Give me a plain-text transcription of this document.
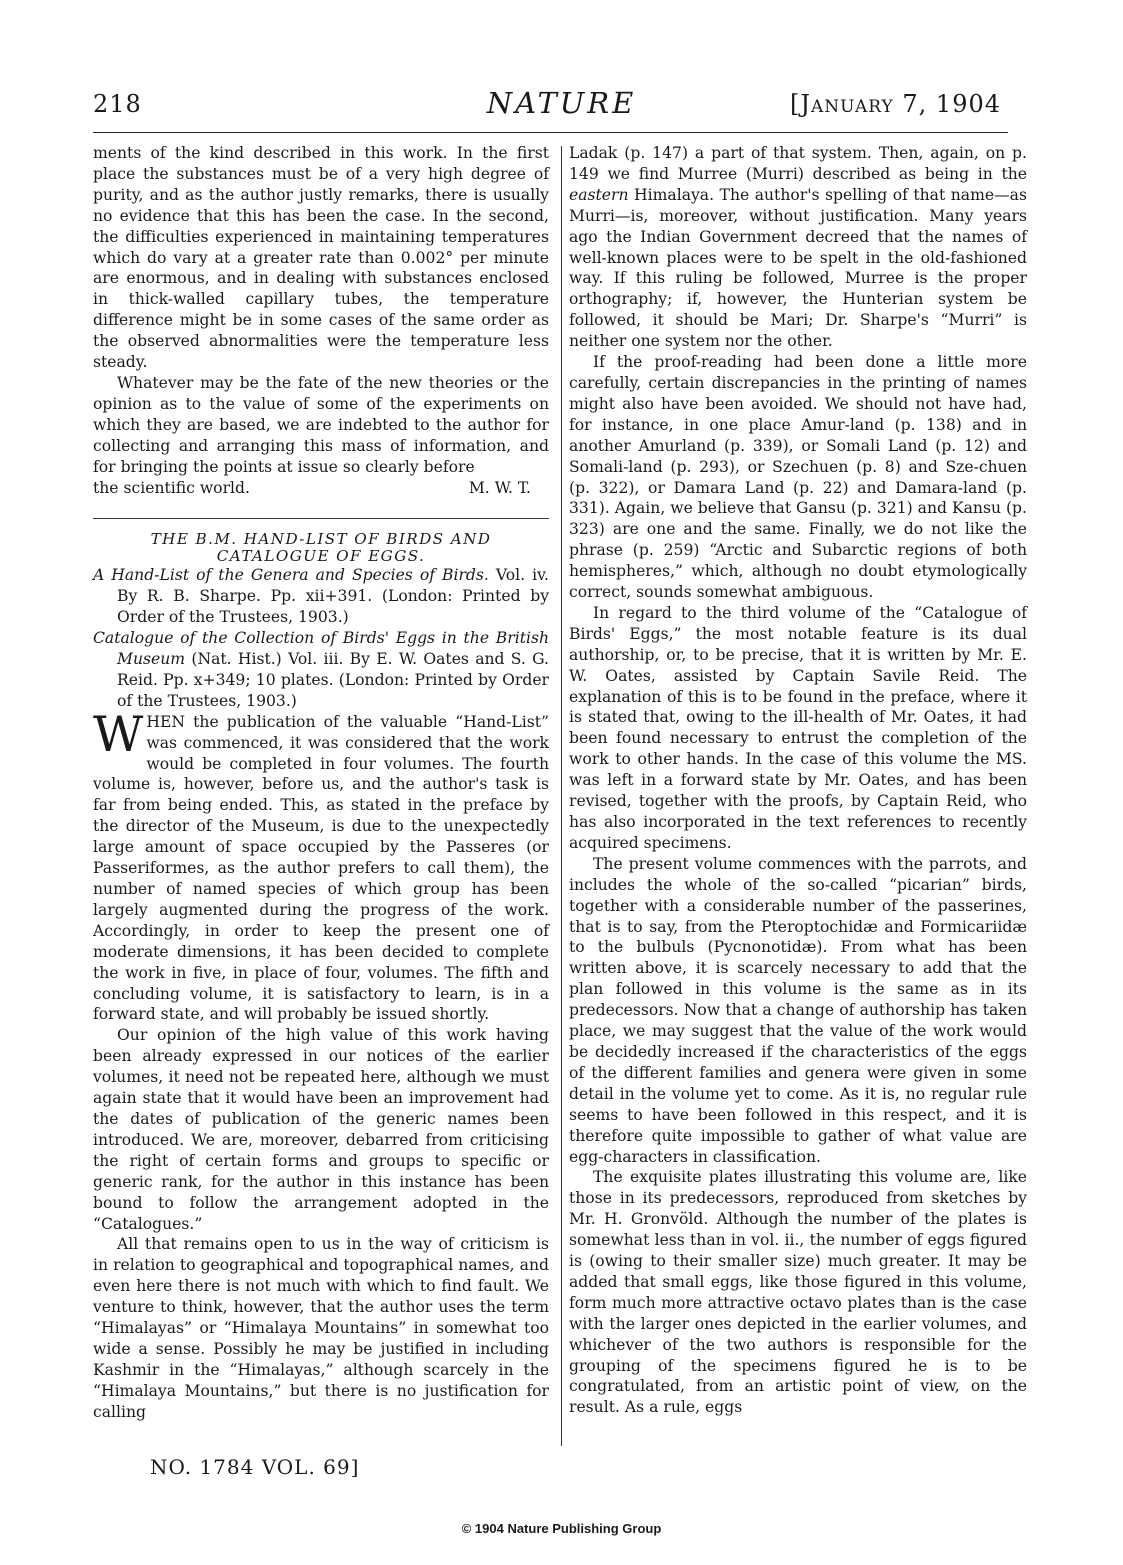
218	NATURE	[January 7, 1904

ments of the kind described in this work. In the first place the substances must be of a very high degree of purity, and as the author justly remarks, there is usually no evidence that this has been the case. In the second, the difficulties experienced in maintaining temperatures which do vary at a greater rate than 0.002° per minute are enormous, and in dealing with substances enclosed in thick-walled capillary tubes, the temperature difference might be in some cases of the same order as the observed abnormalities were the temperature less steady.

Whatever may be the fate of the new theories or the opinion as to the value of some of the experiments on which they are based, we are indebted to the author for collecting and arranging this mass of information, and for bringing the points at issue so clearly before

the scientific world.	M. W. T.

THE B.M. HAND-LIST OF BIRDS AND
CATALOGUE OF EGGS.

A Hand-List of the Genera and Species of Birds. Vol. iv. By R. B. Sharpe. Pp. xii+391. (London: Printed by Order of the Trustees, 1903.)

Catalogue of the Collection of Birds' Eggs in the British Museum (Nat. Hist.) Vol. iii. By E. W. Oates and S. G. Reid. Pp. x+349; 10 plates. (London: Printed by Order of the Trustees, 1903.)

WHEN the publication of the valuable “Hand-List” was commenced, it was considered that the work would be completed in four volumes. The fourth volume is, however, before us, and the author's task is far from being ended. This, as stated in the preface by the director of the Museum, is due to the unexpectedly large amount of space occupied by the Passeres (or Passeriformes, as the author prefers to call them), the number of named species of which group has been largely augmented during the progress of the work. Accordingly, in order to keep the present one of moderate dimensions, it has been decided to complete the work in five, in place of four, volumes. The fifth and concluding volume, it is satisfactory to learn, is in a forward state, and will probably be issued shortly.

Our opinion of the high value of this work having been already expressed in our notices of the earlier volumes, it need not be repeated here, although we must again state that it would have been an improvement had the dates of publication of the generic names been introduced. We are, moreover, debarred from criticising the right of certain forms and groups to specific or generic rank, for the author in this instance has been bound to follow the arrangement adopted in the “Catalogues.”

All that remains open to us in the way of criticism is in relation to geographical and topographical names, and even here there is not much with which to find fault. We venture to think, however, that the author uses the term “Himalayas” or “Himalaya Mountains” in somewhat too wide a sense. Possibly he may be justified in including Kashmir in the “Himalayas,” although scarcely in the “Himalaya Mountains,” but there is no justification for calling

Ladak (p. 147) a part of that system. Then, again, on p. 149 we find Murree (Murri) described as being in the eastern Himalaya. The author's spelling of that name—as Murri—is, moreover, without justification. Many years ago the Indian Government decreed that the names of well-known places were to be spelt in the old-fashioned way. If this ruling be followed, Murree is the proper orthography; if, however, the Hunterian system be followed, it should be Mari; Dr. Sharpe's “Murri” is neither one system nor the other.

If the proof-reading had been done a little more carefully, certain discrepancies in the printing of names might also have been avoided. We should not have had, for instance, in one place Amur-land (p. 138) and in another Amurland (p. 339), or Somali Land (p. 12) and Somali-land (p. 293), or Szechuen (p. 8) and Sze-chuen (p. 322), or Damara Land (p. 22) and Damara-land (p. 331). Again, we believe that Gansu (p. 321) and Kansu (p. 323) are one and the same. Finally, we do not like the phrase (p. 259) “Arctic and Subarctic regions of both hemispheres,” which, although no doubt etymologically correct, sounds somewhat ambiguous.

In regard to the third volume of the “Catalogue of Birds' Eggs,” the most notable feature is its dual authorship, or, to be precise, that it is written by Mr. E. W. Oates, assisted by Captain Savile Reid. The explanation of this is to be found in the preface, where it is stated that, owing to the ill-health of Mr. Oates, it had been found necessary to entrust the completion of the work to other hands. In the case of this volume the MS. was left in a forward state by Mr. Oates, and has been revised, together with the proofs, by Captain Reid, who has also incorporated in the text references to recently acquired specimens.

The present volume commences with the parrots, and includes the whole of the so-called “picarian” birds, together with a considerable number of the passerines, that is to say, from the Pteroptochidæ and Formicariidæ to the bulbuls (Pycnonotidæ). From what has been written above, it is scarcely necessary to add that the plan followed in this volume is the same as in its predecessors. Now that a change of authorship has taken place, we may suggest that the value of the work would be decidedly increased if the characteristics of the eggs of the different families and genera were given in some detail in the volume yet to come. As it is, no regular rule seems to have been followed in this respect, and it is therefore quite impossible to gather of what value are egg-characters in classification.

The exquisite plates illustrating this volume are, like those in its predecessors, reproduced from sketches by Mr. H. Gronvöld. Although the number of the plates is somewhat less than in vol. ii., the number of eggs figured is (owing to their smaller size) much greater. It may be added that small eggs, like those figured in this volume, form much more attractive octavo plates than is the case with the larger ones depicted in the earlier volumes, and whichever of the two authors is responsible for the grouping of the specimens figured he is to be congratulated, from an artistic point of view, on the result. As a rule, eggs

NO. 1784 VOL. 69]
© 1904 Nature Publishing Group
